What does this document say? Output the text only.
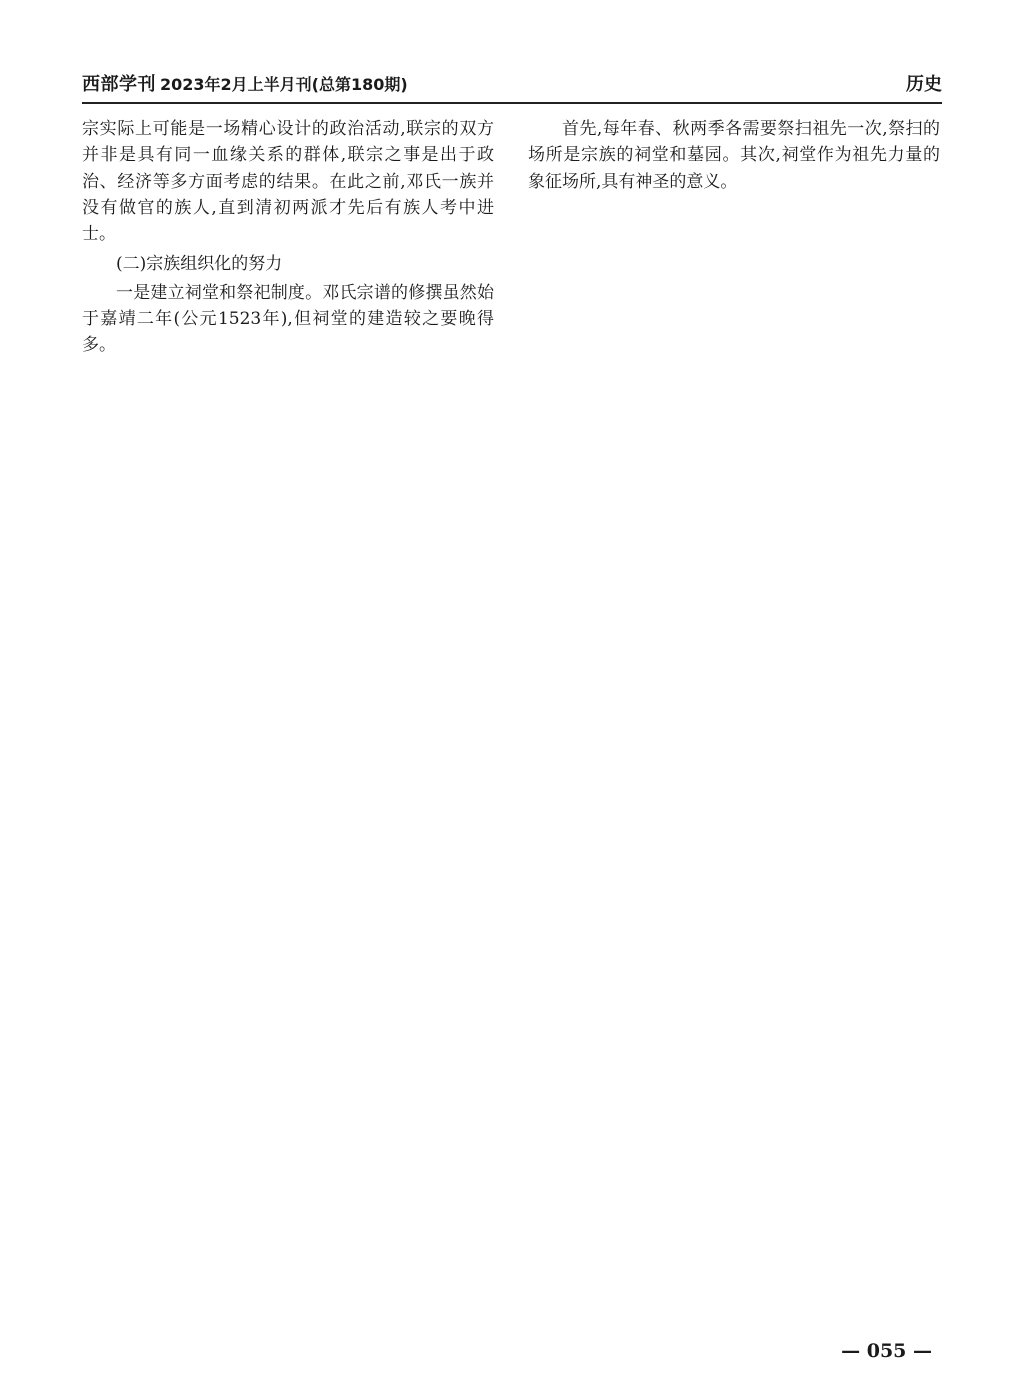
西部学刊 2023年2月上半月刊(总第180期)	历史

宗实际上可能是一场精心设计的政治活动,联宗的双方并非是具有同一血缘关系的群体,联宗之事是出于政治、经济等多方面考虑的结果。在此之前,邓氏一族并没有做官的族人,直到清初两派才先后有族人考中进士。

(二)宗族组织化的努力

一是建立祠堂和祭祀制度。邓氏宗谱的修撰虽然始于嘉靖二年(公元1523年),但祠堂的建造较之要晚得多。

首先,每年春、秋两季各需要祭扫祖先一次,祭扫的场所是宗族的祠堂和墓园。其次,祠堂作为祖先力量的象征场所,具有神圣的意义。

— 055 —
